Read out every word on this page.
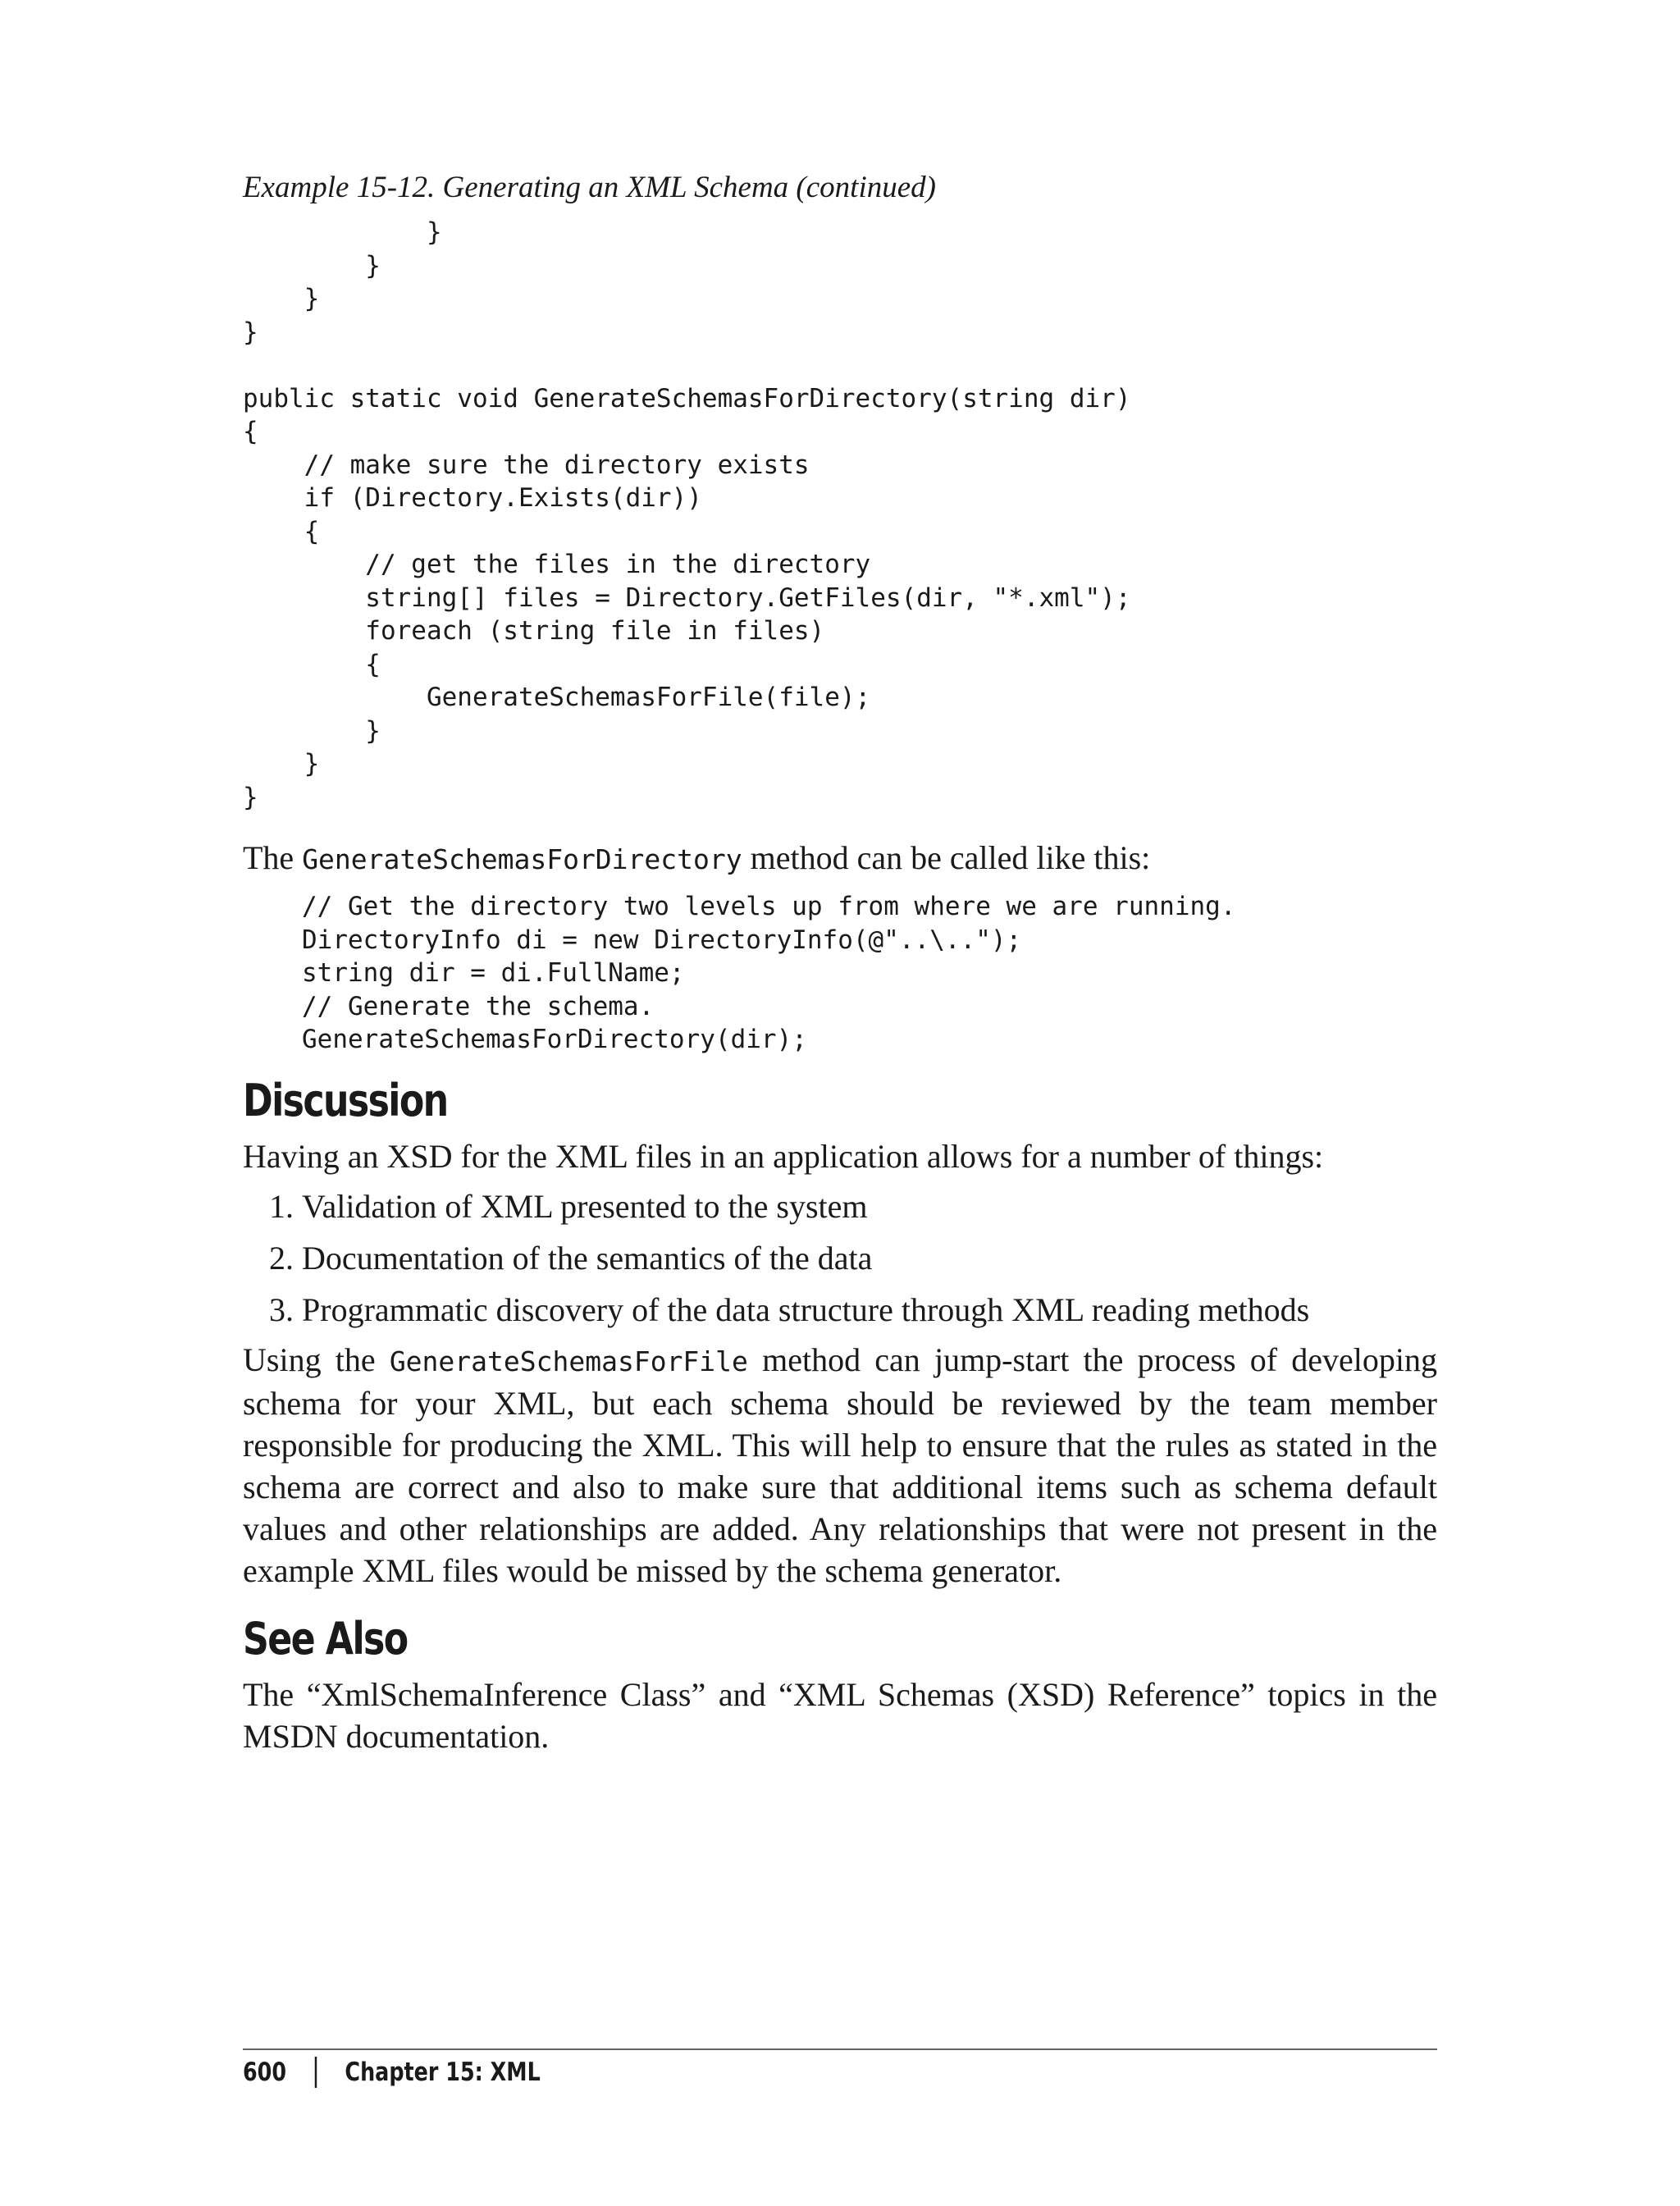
Example 15-12. Generating an XML Schema (continued)

}
}
}
}

public static void GenerateSchemasForDirectory(string dir)
{
// make sure the directory exists
if (Directory.Exists(dir))
{
// get the files in the directory
string[] files = Directory.GetFiles(dir, "*.xml");
foreach (string file in files)
{
GenerateSchemasForFile(file);
}
}
}

The GenerateSchemasForDirectory method can be called like this:

// Get the directory two levels up from where we are running.
DirectoryInfo di = new DirectoryInfo(@"..\..");
string dir = di.FullName;
// Generate the schema.
GenerateSchemasForDirectory(dir);
Discussion

Having an XSD for the XML files in an application allows for a number of things:

1. Validation of XML presented to the system
2. Documentation of the semantics of the data
3. Programmatic discovery of the data structure through XML reading methods

Using the GenerateSchemasForFile method can jump-start the process of developing schema for your XML, but each schema should be reviewed by the team member responsible for producing the XML. This will help to ensure that the rules as stated in the schema are correct and also to make sure that additional items such as schema default values and other relationships are added. Any relationships that were not present in the example XML files would be missed by the schema generator.

See Also

The “XmlSchemaInference Class” and “XML Schemas (XSD) Reference” topics in the MSDN documentation.

600 Chapter 15: XML
